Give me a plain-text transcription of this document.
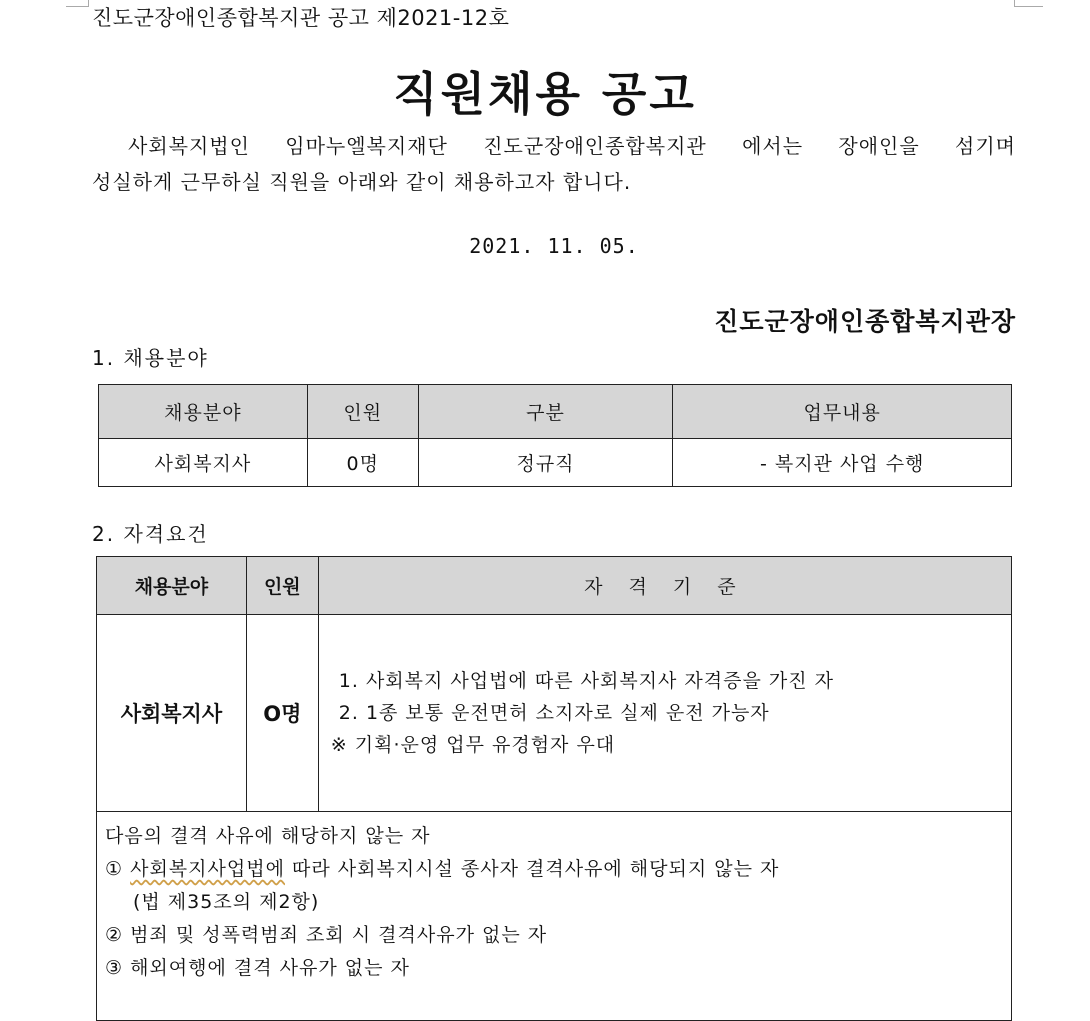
진도군장애인종합복지관 공고 제2021-12호
직원채용 공고
사회복지법인 임마누엘복지재단 진도군장애인종합복지관 에서는 장애인을 섬기며
성실하게 근무하실 직원을 아래와 같이 채용하고자 합니다.
2021. 11. 05.
진도군장애인종합복지관장
1. 채용분야
채용분야	인원	구분	업무내용
사회복지사	0명	정규직	- 복지관 사업 수행
2. 자격요건
채용분야	인원	자 격 기 준
사회복지사	O명	1. 사회복지 사업법에 따른 사회복지사 자격증을 가진 자
2. 1종 보통 운전면허 소지자로 실제 운전 가능자
※ 기획·운영 업무 유경험자 우대

다음의 결격 사유에 해당하지 않는 자
① 사회복지사업법에 따라 사회복지시설 종사자 결격사유에 해당되지 않는 자
(법 제35조의 제2항)
② 범죄 및 성폭력범죄 조회 시 결격사유가 없는 자
③ 해외여행에 결격 사유가 없는 자		
